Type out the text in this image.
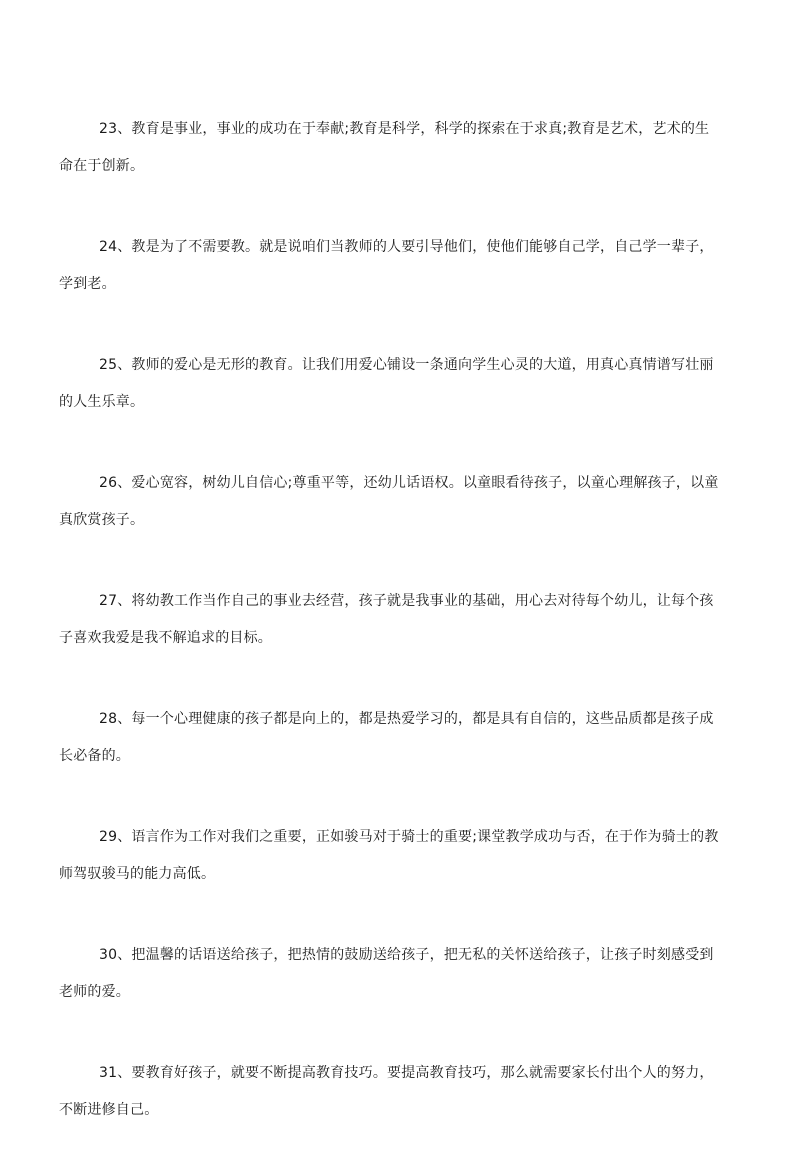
23、教育是事业，事业的成功在于奉献;教育是科学，科学的探索在于求真;教育是艺术，艺术的生命在于创新。

24、教是为了不需要教。就是说咱们当教师的人要引导他们，使他们能够自己学，自己学一辈子，学到老。

25、教师的爱心是无形的教育。让我们用爱心铺设一条通向学生心灵的大道，用真心真情谱写壮丽的人生乐章。

26、爱心宽容，树幼儿自信心;尊重平等，还幼儿话语权。以童眼看待孩子，以童心理解孩子，以童真欣赏孩子。

27、将幼教工作当作自己的事业去经营，孩子就是我事业的基础，用心去对待每个幼儿，让每个孩子喜欢我爱是我不解追求的目标。

28、每一个心理健康的孩子都是向上的，都是热爱学习的，都是具有自信的，这些品质都是孩子成长必备的。

29、语言作为工作对我们之重要，正如骏马对于骑士的重要;课堂教学成功与否，在于作为骑士的教师驾驭骏马的能力高低。

30、把温馨的话语送给孩子，把热情的鼓励送给孩子，把无私的关怀送给孩子，让孩子时刻感受到老师的爱。

31、要教育好孩子，就要不断提高教育技巧。要提高教育技巧，那么就需要家长付出个人的努力，不断进修自己。
